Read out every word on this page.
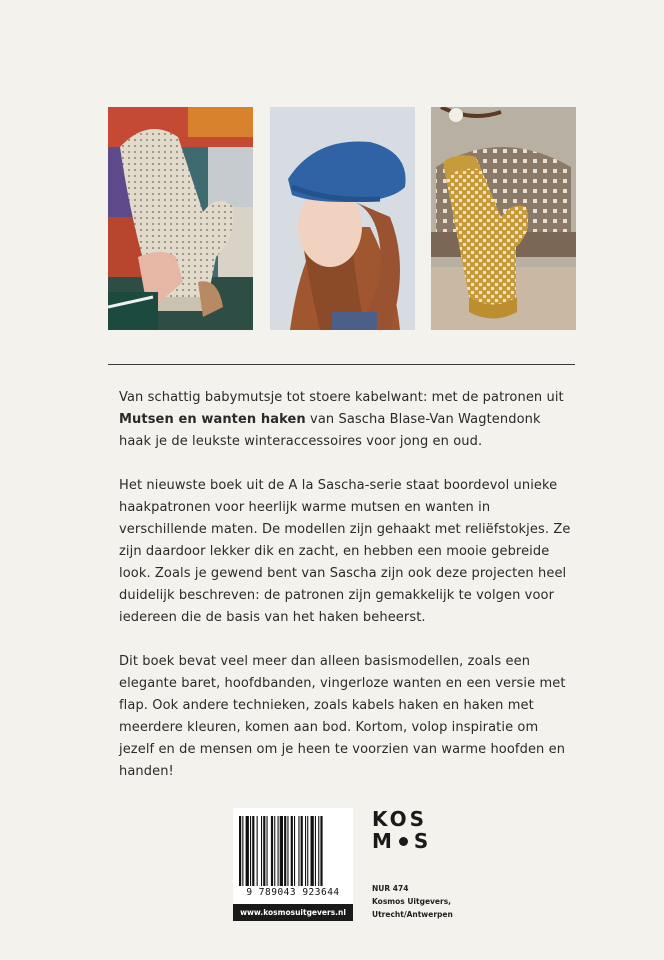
Van schattig babymutsje tot stoere kabelwant: met de patronen uit
Mutsen en wanten haken van Sascha Blase-Van Wagtendonk haak je de leukste winteraccessoires voor jong en oud.

Het nieuwste boek uit de A la Sascha-serie staat boordevol unieke haakpatronen voor heerlijk warme mutsen en wanten in verschillende maten. De modellen zijn gehaakt met reliëfstokjes. Ze zijn daardoor lekker dik en zacht, en hebben een mooie gebreide look. Zoals je gewend bent van Sascha zijn ook deze projecten heel duidelijk beschreven: de patronen zijn gemakkelijk te volgen voor iedereen die de basis van het haken beheerst.

Dit boek bevat veel meer dan alleen basismodellen, zoals een elegante baret, hoofdbanden, vingerloze wanten en een versie met flap. Ook andere technieken, zoals kabels haken en haken met meerdere kleuren, komen aan bod. Kortom, volop inspiratie om jezelf en de mensen om je heen te voorzien van warme hoofden en handen!

9 789043 923644
www.kosmosuitgevers.nl
KOS
M S
NUR 474
Kosmos Uitgevers,
Utrecht/Antwerpen
